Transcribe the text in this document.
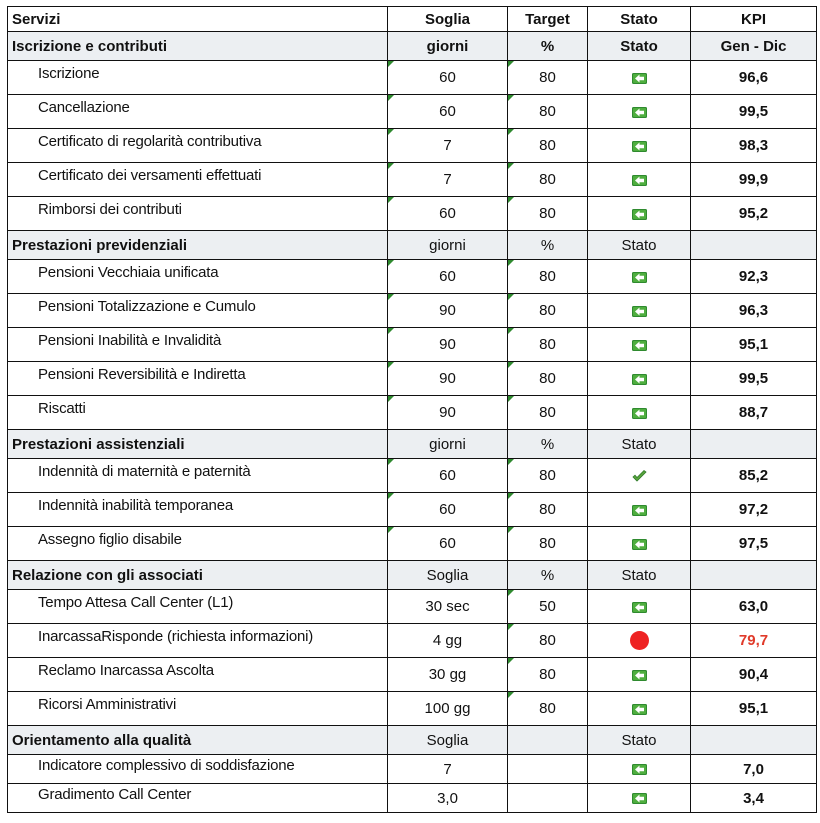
Servizi	Soglia	Target	Stato	KPI
Iscrizione e contributi	giorni	%	Stato	Gen - Dic
Iscrizione	60	80		96,6
Cancellazione	60	80		99,5
Certificato di regolarità contributiva	7	80		98,3
Certificato dei versamenti effettuati	7	80		99,9
Rimborsi dei contributi	60	80		95,2
Prestazioni previdenziali	giorni	%	Stato	
Pensioni Vecchiaia unificata	60	80		92,3
Pensioni Totalizzazione e Cumulo	90	80		96,3
Pensioni Inabilità e Invalidità	90	80		95,1
Pensioni Reversibilità e Indiretta	90	80		99,5
Riscatti	90	80		88,7
Prestazioni assistenziali	giorni	%	Stato	
Indennità di maternità e paternità	60	80		85,2
Indennità inabilità temporanea	60	80		97,2
Assegno figlio disabile	60	80		97,5
Relazione con gli associati	Soglia	%	Stato	
Tempo Attesa Call Center (L1)	30 sec	50		63,0
InarcassaRisponde (richiesta informazioni)	4 gg	80		79,7
Reclamo Inarcassa Ascolta	30 gg	80		90,4
Ricorsi Amministrativi	100 gg	80		95,1
Orientamento alla qualità	Soglia		Stato	
Indicatore complessivo di soddisfazione	7			7,0
Gradimento Call Center	3,0			3,4
